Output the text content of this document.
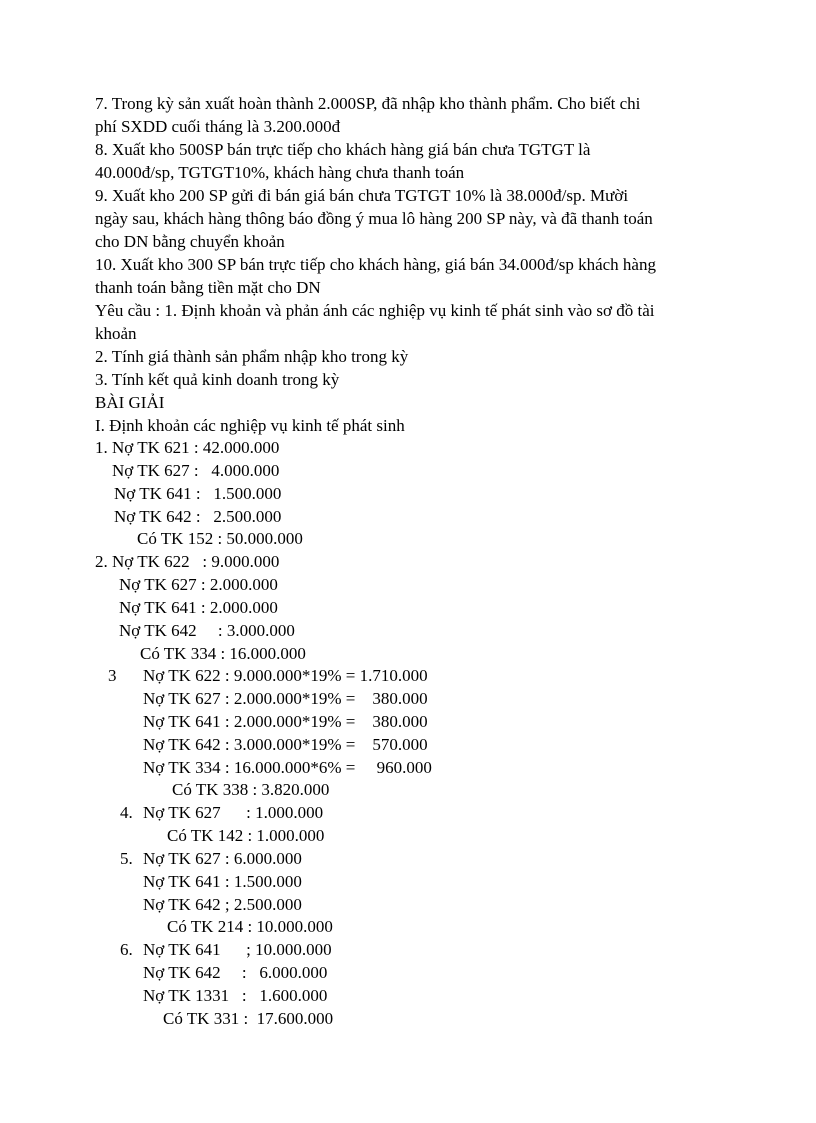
7. Trong kỳ sản xuất hoàn thành 2.000SP, đã nhập kho thành phẩm. Cho biết chi
phí SXDD cuối tháng là 3.200.000đ
8. Xuất kho 500SP bán trực tiếp cho khách hàng giá bán chưa TGTGT là
40.000đ/sp, TGTGT10%, khách hàng chưa thanh toán
9. Xuất kho 200 SP gửi đi bán giá bán chưa TGTGT 10% là 38.000đ/sp. Mười
ngày sau, khách hàng thông báo đồng ý mua lô hàng 200 SP này, và đã thanh toán
cho DN bằng chuyển khoản
10. Xuất kho 300 SP bán trực tiếp cho khách hàng, giá bán 34.000đ/sp khách hàng
thanh toán bằng tiền mặt cho DN
Yêu cầu : 1. Định khoản và phản ánh các nghiệp vụ kinh tế phát sinh vào sơ đồ tài
khoản
2. Tính giá thành sản phẩm nhập kho trong kỳ
3. Tính kết quả kinh doanh trong kỳ
BÀI GIẢI
I. Định khoản các nghiệp vụ kinh tế phát sinh
1. Nợ TK 621 : 42.000.000
Nợ TK 627 :   4.000.000
Nợ TK 641 :   1.500.000
Nợ TK 642 :   2.500.000
Có TK 152 : 50.000.000
2. Nợ TK 622   : 9.000.000
Nợ TK 627 : 2.000.000
Nợ TK 641 : 2.000.000
Nợ TK 642     : 3.000.000
Có TK 334 : 16.000.000
3 Nợ TK 622 : 9.000.000*19% = 1.710.000
Nợ TK 627 : 2.000.000*19% =    380.000
Nợ TK 641 : 2.000.000*19% =    380.000
Nợ TK 642 : 3.000.000*19% =    570.000
Nợ TK 334 : 16.000.000*6% =     960.000
Có TK 338 : 3.820.000
4. Nợ TK 627      : 1.000.000
Có TK 142 : 1.000.000
5. Nợ TK 627 : 6.000.000
Nợ TK 641 : 1.500.000
Nợ TK 642 ; 2.500.000
Có TK 214 : 10.000.000
6. Nợ TK 641      ; 10.000.000
Nợ TK 642     :   6.000.000
Nợ TK 1331   :   1.600.000
Có TK 331 :  17.600.000
